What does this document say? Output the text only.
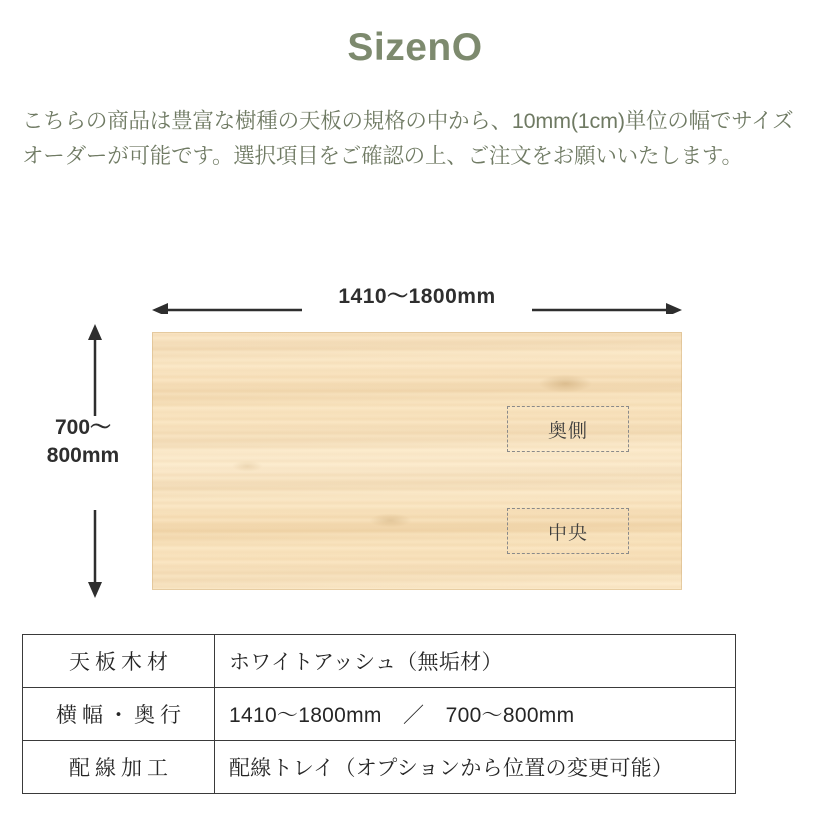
SizenO
こちらの商品は豊富な樹種の天板の規格の中から、10mm(1cm)単位の幅でサイズオーダーが可能です。選択項目をご確認の上、ご注文をお願いいたします。
1410〜1800mm
700〜
800mm
奥側
中央
天板木材	ホワイトアッシュ（無垢材）
横幅・奥行	1410〜1800mm　／　700〜800mm
配線加工	配線トレイ（オプションから位置の変更可能）
